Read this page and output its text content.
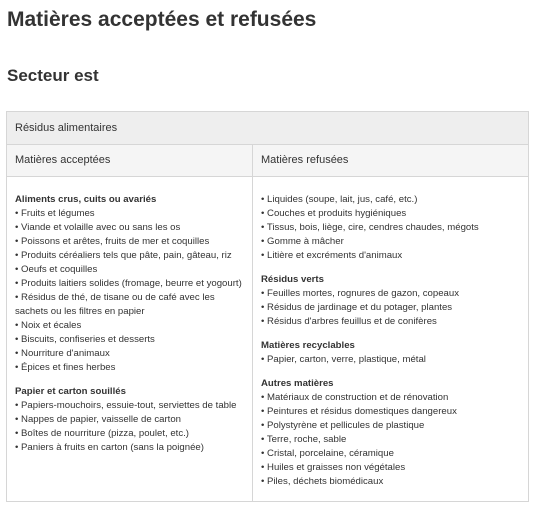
Matières acceptées et refusées
Secteur est
Résidus alimentaires
Matières acceptées	Matières refusées
Aliments crus, cuits ou avariés
• Fruits et légumes
• Viande et volaille avec ou sans les os
• Poissons et arêtes, fruits de mer et coquilles
• Produits céréaliers tels que pâte, pain, gâteau, riz
• Oeufs et coquilles
• Produits laitiers solides (fromage, beurre et yogourt)
• Résidus de thé, de tisane ou de café avec les sachets ou les filtres en papier
• Noix et écales
• Biscuits, confiseries et desserts
• Nourriture d'animaux
• Épices et fines herbes
Papier et carton souillés
• Papiers-mouchoirs, essuie-tout, serviettes de table
• Nappes de papier, vaisselle de carton
• Boîtes de nourriture (pizza, poulet, etc.)
• Paniers à fruits en carton (sans la poignée)
• Liquides (soupe, lait, jus, café, etc.)
• Couches et produits hygiéniques
• Tissus, bois, liège, cire, cendres chaudes, mégots
• Gomme à mâcher
• Litière et excréments d'animaux
Résidus verts
• Feuilles mortes, rognures de gazon, copeaux
• Résidus de jardinage et du potager, plantes
• Résidus d'arbres feuillus et de conifères
Matières recyclables
• Papier, carton, verre, plastique, métal
Autres matières
• Matériaux de construction et de rénovation
• Peintures et résidus domestiques dangereux
• Polystyrène et pellicules de plastique
• Terre, roche, sable
• Cristal, porcelaine, céramique
• Huiles et graisses non végétales
• Piles, déchets biomédicaux
